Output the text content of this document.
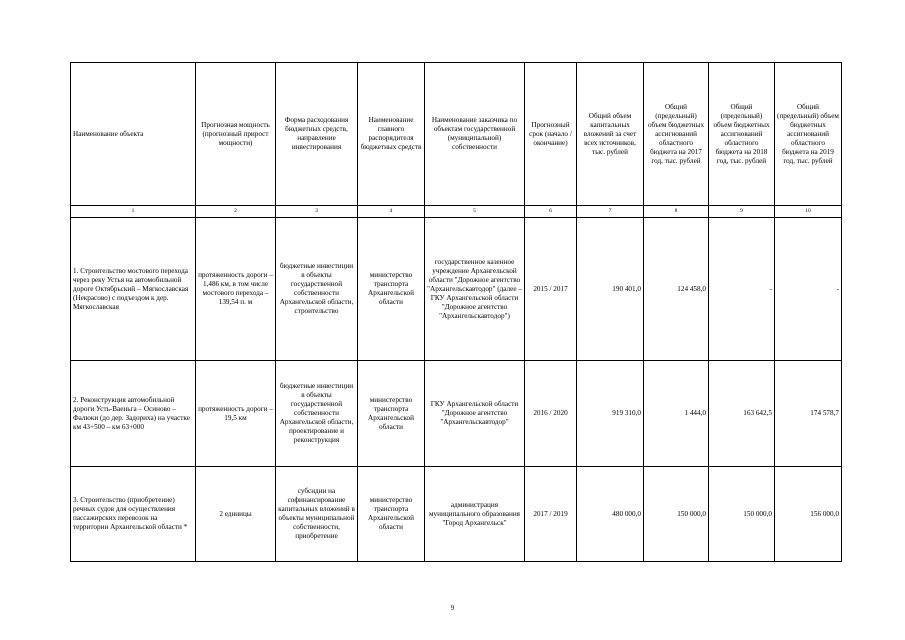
Наименование объекта	Прогнозная мощность (прогнозный прирост мощности)	Форма расходования бюджетных средств, направление инвестирования	Наименование главного распорядителя бюджетных средств	Наименование заказчика по объектам государственной (муниципальной) собственности	Прогнозный срок (начало / окончание)	Общий объем капитальных вложений за счет всех источников, тыс. рублей	Общий (предельный) объем бюджетных ассигнований областного бюджета на 2017 год, тыс. рублей	Общий (предельный) объем бюджетных ассигнований областного бюджета на 2018 год, тыс. рублей	Общий (предельный) объем бюджетных ассигнований областного бюджета на 2019 год, тыс. рублей
1	2	3	4	5	6	7	8	9	10
1. Строительство мостового перехода через реку Устья на автомобильной дороге Октябрьский – Мягкославская (Некрасово) с подъездом к дер. Мягкославская	протяженность дороги – 1,486 км, в том числе мостового перехода – 139,54 п. м	бюджетные инвестиции в объекты государственной собственности Архангельской области, строительство	министерство транспорта Архангельской области	государственное казенное учреждение Архангельской области "Дорожное агентство "Архангельскавтодор" (далее – ГКУ Архангельской области "Дорожное агентство "Архангельскавтодор")	2015 / 2017	190 401,0	124 458,0	-	-
2. Реконструкция автомобильной дороги Усть-Ваеньга – Осиново – Фалюки (до дер. Задориха) на участке км 43+500 – км 63+000	протяженность дороги – 19,5 км	бюджетные инвестиции в объекты государственной собственности Архангельской области, проектирование и реконструкция	министерство транспорта Архангельской области	ГКУ Архангельской области "Дорожное агентство "Архангельскавтодор"	2016 / 2020	919 310,0	1 444,0	163 642,5	174 578,7
3. Строительство (приобретение) речных судов для осуществления пассажирских перевозок на территории Архангельской области *	2 единицы	субсидии на софинансирование капитальных вложений в объекты муниципальной собственности, приобретение	министерство транспорта Архангельской области	администрация муниципального образования "Город Архангельск"	2017 / 2019	480 000,0	150 000,0	150 000,0	156 000,0
9
